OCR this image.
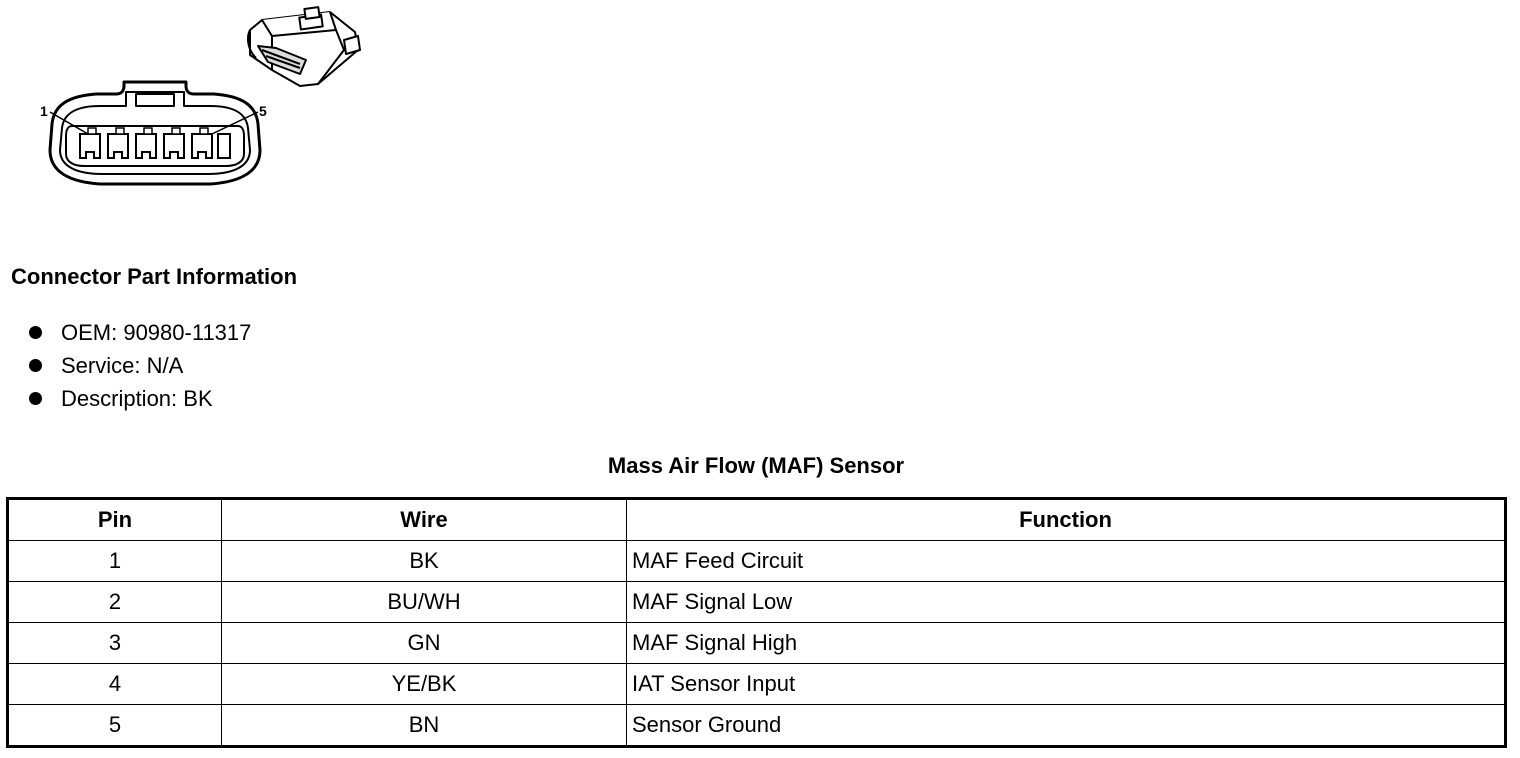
1	5
Connector Part Information
OEM: 90980-11317
Service: N/A
Description: BK
Mass Air Flow (MAF) Sensor
Pin	Wire	Function
1	BK	MAF Feed Circuit
2	BU/WH	MAF Signal Low
3	GN	MAF Signal High
4	YE/BK	IAT Sensor Input
5	BN	Sensor Ground
